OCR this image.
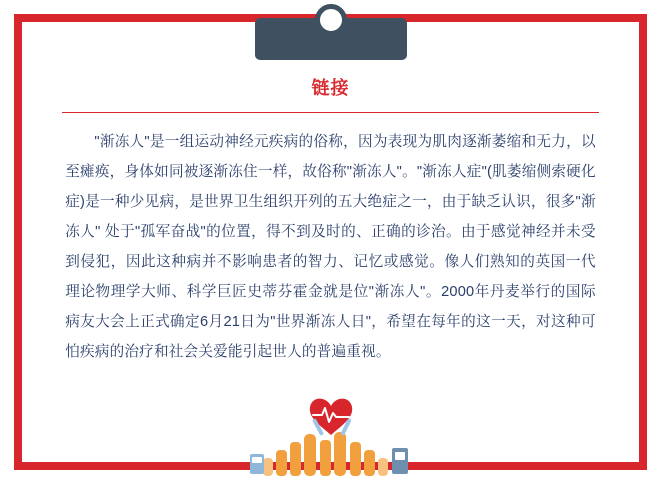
链接
"渐冻人"是一组运动神经元疾病的俗称，因为表现为肌肉逐渐萎缩和无力，以至瘫痪，身体如同被逐渐冻住一样，故俗称"渐冻人"。"渐冻人症"(肌萎缩侧索硬化症)是一种少见病，是世界卫生组织开列的五大绝症之一，由于缺乏认识，很多"渐冻人" 处于"孤军奋战"的位置，得不到及时的、正确的诊治。由于感觉神经并未受到侵犯，因此这种病并不影响患者的智力、记忆或感觉。像人们熟知的英国一代理论物理学大师、科学巨匠史蒂芬霍金就是位"渐冻人"。2000年丹麦举行的国际病友大会上正式确定6月21日为"世界渐冻人日"，希望在每年的这一天，对这种可怕疾病的治疗和社会关爱能引起世人的普遍重视。
